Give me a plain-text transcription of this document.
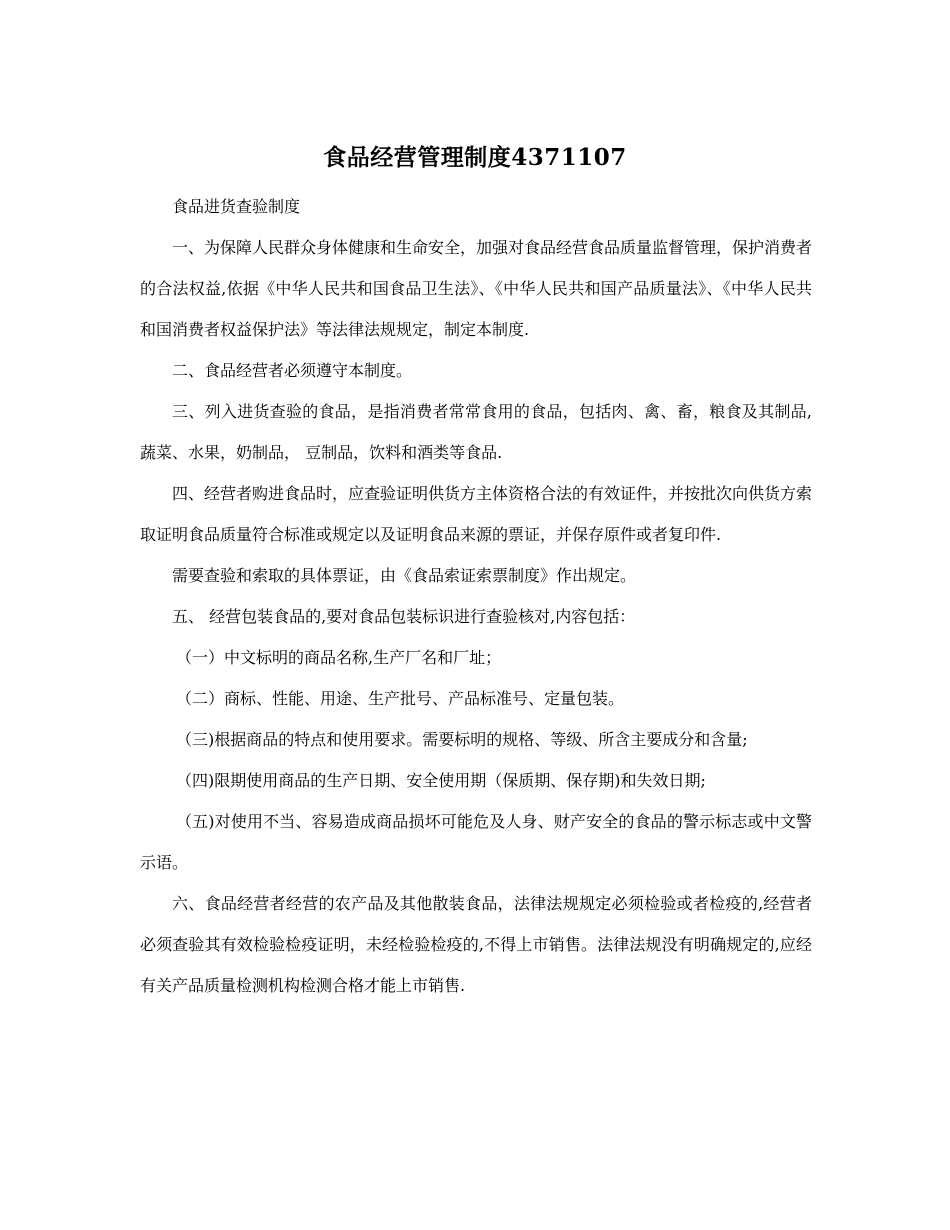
食品经营管理制度4371107

食品进货查验制度

一、为保障人民群众身体健康和生命安全，加强对食品经营食品质量监督管理，保护消费者的合法权益,依据《中华人民共和国食品卫生法》、《中华人民共和国产品质量法》、《中华人民共和国消费者权益保护法》等法律法规规定，制定本制度.

二、食品经营者必须遵守本制度。

三、列入进货查验的食品，是指消费者常常食用的食品，包括肉、禽、畜，粮食及其制品,蔬菜、水果，奶制品， 豆制品，饮料和酒类等食品.

四、经营者购进食品时，应查验证明供货方主体资格合法的有效证件，并按批次向供货方索取证明食品质量符合标准或规定以及证明食品来源的票证，并保存原件或者复印件.

需要查验和索取的具体票证，由《食品索证索票制度》作出规定。

五、 经营包装食品的,要对食品包装标识进行查验核对,内容包括：

（一）中文标明的商品名称,生产厂名和厂址；

（二）商标、性能、用途、生产批号、产品标准号、定量包装。

（三)根据商品的特点和使用要求。需要标明的规格、等级、所含主要成分和含量;

（四)限期使用商品的生产日期、安全使用期（保质期、保存期)和失效日期;

（五)对使用不当、容易造成商品损坏可能危及人身、财产安全的食品的警示标志或中文警示语。

六、食品经营者经营的农产品及其他散装食品，法律法规规定必须检验或者检疫的,经营者必须查验其有效检验检疫证明，未经检验检疫的,不得上市销售。法律法规没有明确规定的,应经有关产品质量检测机构检测合格才能上市销售.
